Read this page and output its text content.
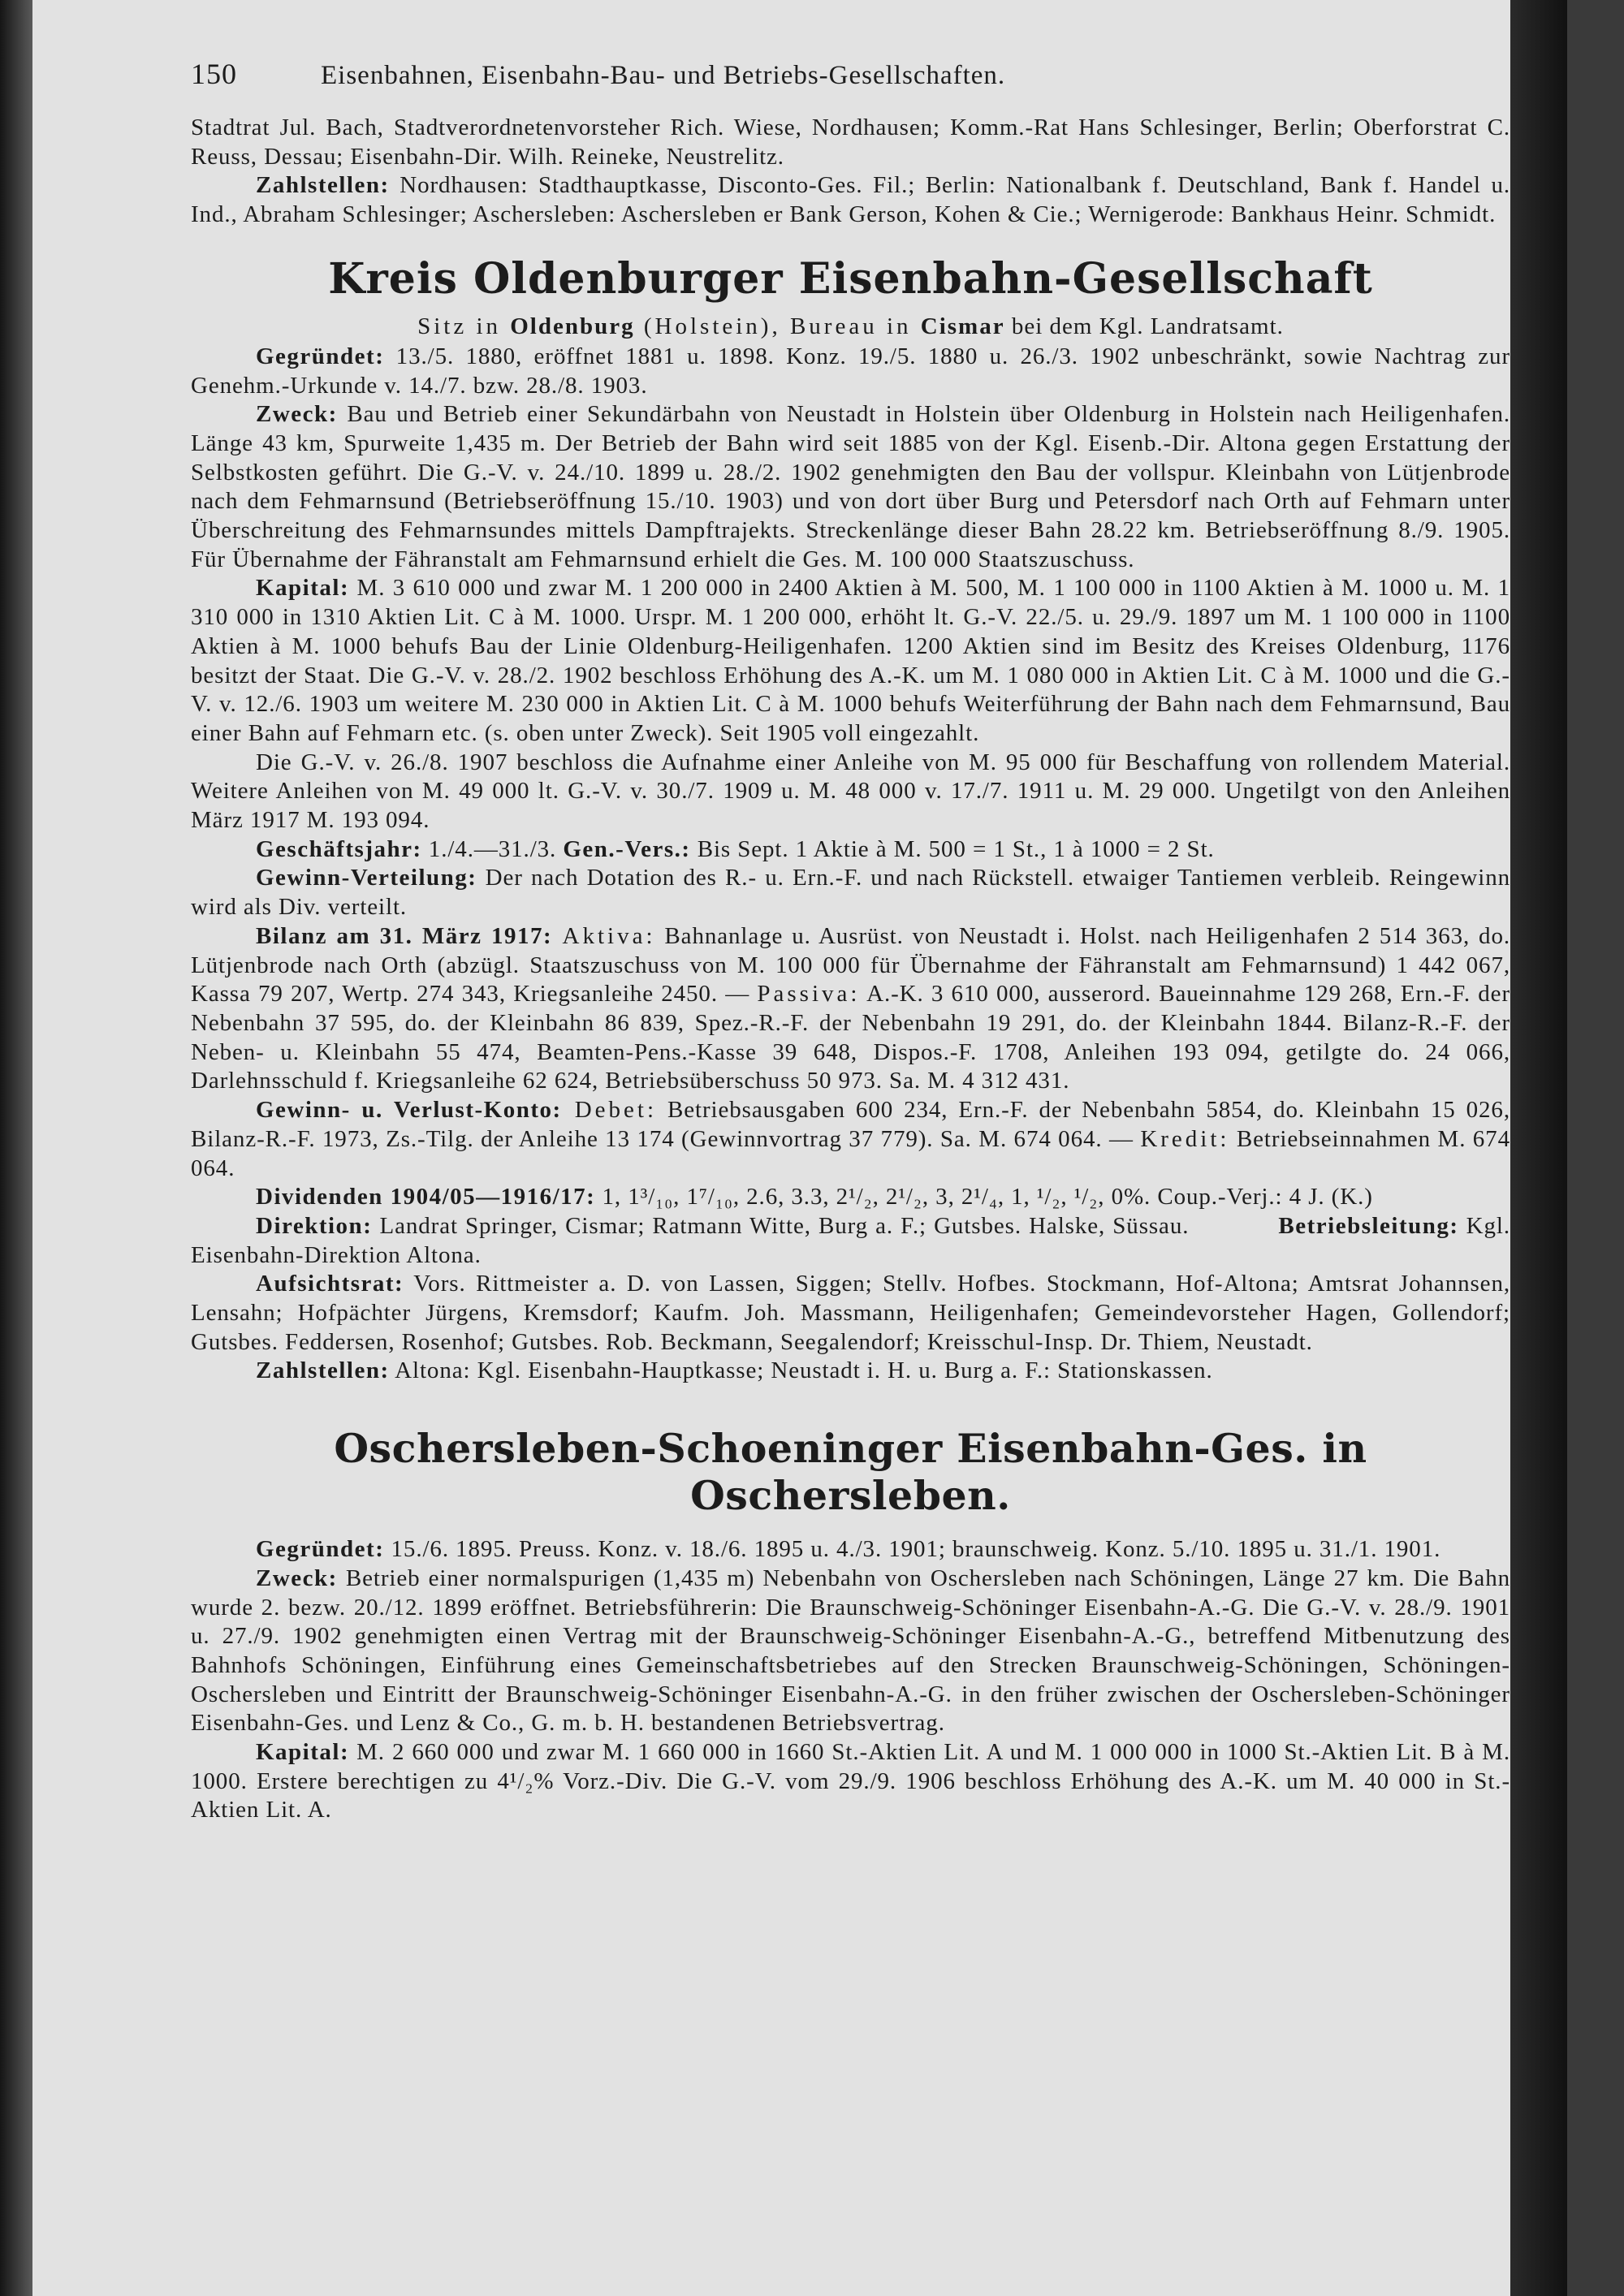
150	Eisenbahnen, Eisenbahn-Bau- und Betriebs-Gesellschaften.

Stadtrat Jul. Bach, Stadtverordnetenvorsteher Rich. Wiese, Nordhausen; Komm.-Rat Hans Schlesinger, Berlin; Oberforstrat C. Reuss, Dessau; Eisenbahn-Dir. Wilh. Reineke, Neustrelitz.

Zahlstellen: Nordhausen: Stadthauptkasse, Disconto-Ges. Fil.; Berlin: Nationalbank f. Deutschland, Bank f. Handel u. Ind., Abraham Schlesinger; Aschersleben: Aschersleben er Bank Gerson, Kohen & Cie.; Wernigerode: Bankhaus Heinr. Schmidt.

Kreis Oldenburger Eisenbahn-Gesellschaft

Sitz in Oldenburg (Holstein), Bureau in Cismar bei dem Kgl. Landratsamt.

Gegründet: 13./5. 1880, eröffnet 1881 u. 1898. Konz. 19./5. 1880 u. 26./3. 1902 unbeschränkt, sowie Nachtrag zur Genehm.-Urkunde v. 14./7. bzw. 28./8. 1903.

Zweck: Bau und Betrieb einer Sekundärbahn von Neustadt in Holstein über Oldenburg in Holstein nach Heiligenhafen. Länge 43 km, Spurweite 1,435 m. Der Betrieb der Bahn wird seit 1885 von der Kgl. Eisenb.-Dir. Altona gegen Erstattung der Selbstkosten geführt. Die G.-V. v. 24./10. 1899 u. 28./2. 1902 genehmigten den Bau der vollspur. Kleinbahn von Lütjenbrode nach dem Fehmarnsund (Betriebseröffnung 15./10. 1903) und von dort über Burg und Petersdorf nach Orth auf Fehmarn unter Überschreitung des Fehmarnsundes mittels Dampftrajekts. Streckenlänge dieser Bahn 28.22 km. Betriebseröffnung 8./9. 1905. Für Übernahme der Fähranstalt am Fehmarnsund erhielt die Ges. M. 100 000 Staatszuschuss.

Kapital: M. 3 610 000 und zwar M. 1 200 000 in 2400 Aktien à M. 500, M. 1 100 000 in 1100 Aktien à M. 1000 u. M. 1 310 000 in 1310 Aktien Lit. C à M. 1000. Urspr. M. 1 200 000, erhöht lt. G.-V. 22./5. u. 29./9. 1897 um M. 1 100 000 in 1100 Aktien à M. 1000 behufs Bau der Linie Oldenburg-Heiligenhafen. 1200 Aktien sind im Besitz des Kreises Oldenburg, 1176 besitzt der Staat. Die G.-V. v. 28./2. 1902 beschloss Erhöhung des A.-K. um M. 1 080 000 in Aktien Lit. C à M. 1000 und die G.-V. v. 12./6. 1903 um weitere M. 230 000 in Aktien Lit. C à M. 1000 behufs Weiterführung der Bahn nach dem Fehmarnsund, Bau einer Bahn auf Fehmarn etc. (s. oben unter Zweck). Seit 1905 voll eingezahlt.

Die G.-V. v. 26./8. 1907 beschloss die Aufnahme einer Anleihe von M. 95 000 für Beschaffung von rollendem Material. Weitere Anleihen von M. 49 000 lt. G.-V. v. 30./7. 1909 u. M. 48 000 v. 17./7. 1911 u. M. 29 000. Ungetilgt von den Anleihen März 1917 M. 193 094.

Geschäftsjahr: 1./4.—31./3. Gen.-Vers.: Bis Sept. 1 Aktie à M. 500 = 1 St., 1 à 1000 = 2 St.

Gewinn-Verteilung: Der nach Dotation des R.- u. Ern.-F. und nach Rückstell. etwaiger Tantiemen verbleib. Reingewinn wird als Div. verteilt.

Bilanz am 31. März 1917: Aktiva: Bahnanlage u. Ausrüst. von Neustadt i. Holst. nach Heiligenhafen 2 514 363, do. Lütjenbrode nach Orth (abzügl. Staatszuschuss von M. 100 000 für Übernahme der Fähranstalt am Fehmarnsund) 1 442 067, Kassa 79 207, Wertp. 274 343, Kriegsanleihe 2450. — Passiva: A.-K. 3 610 000, ausserord. Baueinnahme 129 268, Ern.-F. der Nebenbahn 37 595, do. der Kleinbahn 86 839, Spez.-R.-F. der Nebenbahn 19 291, do. der Kleinbahn 1844. Bilanz-R.-F. der Neben- u. Kleinbahn 55 474, Beamten-Pens.-Kasse 39 648, Dispos.-F. 1708, Anleihen 193 094, getilgte do. 24 066, Darlehnsschuld f. Kriegsanleihe 62 624, Betriebsüberschuss 50 973. Sa. M. 4 312 431.

Gewinn- u. Verlust-Konto: Debet: Betriebsausgaben 600 234, Ern.-F. der Nebenbahn 5854, do. Kleinbahn 15 026, Bilanz-R.-F. 1973, Zs.-Tilg. der Anleihe 13 174 (Gewinnvortrag 37 779). Sa. M. 674 064. — Kredit: Betriebseinnahmen M. 674 064.

Dividenden 1904/05—1916/17: 1, 1³/₁₀, 1⁷/₁₀, 2.6, 3.3, 2¹/₂, 2¹/₂, 3, 2¹/₄, 1, ¹/₂, ¹/₂, 0%. Coup.-Verj.: 4 J. (K.)

Direktion: Landrat Springer, Cismar; Ratmann Witte, Burg a. F.; Gutsbes. Halske, Süssau.	Betriebsleitung: Kgl. Eisenbahn-Direktion Altona.

Aufsichtsrat: Vors. Rittmeister a. D. von Lassen, Siggen; Stellv. Hofbes. Stockmann, Hof-Altona; Amtsrat Johannsen, Lensahn; Hofpächter Jürgens, Kremsdorf; Kaufm. Joh. Massmann, Heiligenhafen; Gemeindevorsteher Hagen, Gollendorf; Gutsbes. Feddersen, Rosenhof; Gutsbes. Rob. Beckmann, Seegalendorf; Kreisschul-Insp. Dr. Thiem, Neustadt.

Zahlstellen: Altona: Kgl. Eisenbahn-Hauptkasse; Neustadt i. H. u. Burg a. F.: Stationskassen.

Oschersleben-Schoeninger Eisenbahn-Ges. in Oschersleben.

Gegründet: 15./6. 1895. Preuss. Konz. v. 18./6. 1895 u. 4./3. 1901; braunschweig. Konz. 5./10. 1895 u. 31./1. 1901.

Zweck: Betrieb einer normalspurigen (1,435 m) Nebenbahn von Oschersleben nach Schöningen, Länge 27 km. Die Bahn wurde 2. bezw. 20./12. 1899 eröffnet. Betriebsführerin: Die Braunschweig-Schöninger Eisenbahn-A.-G. Die G.-V. v. 28./9. 1901 u. 27./9. 1902 genehmigten einen Vertrag mit der Braunschweig-Schöninger Eisenbahn-A.-G., betreffend Mitbenutzung des Bahnhofs Schöningen, Einführung eines Gemeinschaftsbetriebes auf den Strecken Braunschweig-Schöningen, Schöningen-Oschersleben und Eintritt der Braunschweig-Schöninger Eisenbahn-A.-G. in den früher zwischen der Oschersleben-Schöninger Eisenbahn-Ges. und Lenz & Co., G. m. b. H. bestandenen Betriebsvertrag.

Kapital: M. 2 660 000 und zwar M. 1 660 000 in 1660 St.-Aktien Lit. A und M. 1 000 000 in 1000 St.-Aktien Lit. B à M. 1000. Erstere berechtigen zu 4¹/₂% Vorz.-Div. Die G.-V. vom 29./9. 1906 beschloss Erhöhung des A.-K. um M. 40 000 in St.-Aktien Lit. A.
